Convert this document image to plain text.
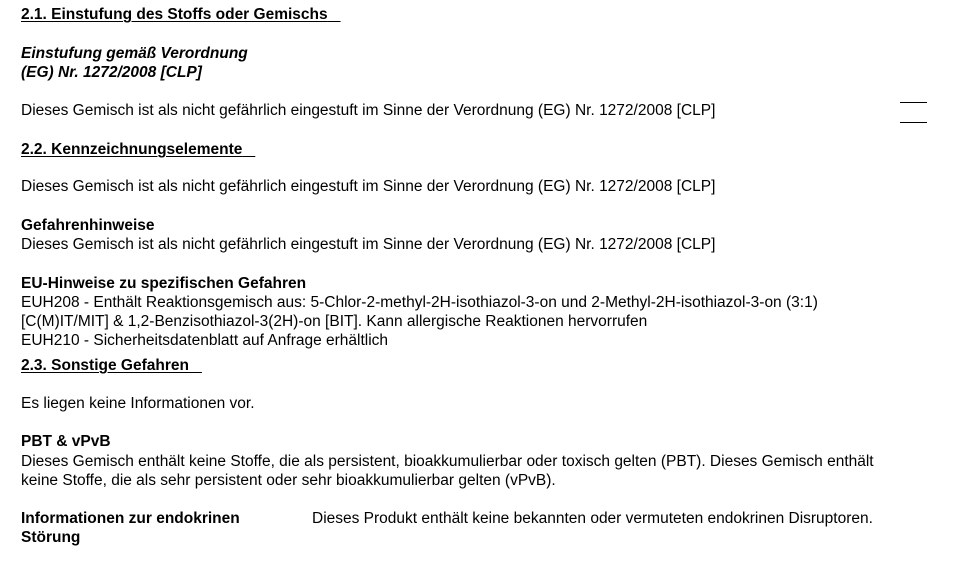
2.1. Einstufung des Stoffs oder Gemischs
Einstufung gemäß Verordnung
(EG) Nr. 1272/2008 [CLP]
Dieses Gemisch ist als nicht gefährlich eingestuft im Sinne der Verordnung (EG) Nr. 1272/2008 [CLP]
2.2. Kennzeichnungselemente
Dieses Gemisch ist als nicht gefährlich eingestuft im Sinne der Verordnung (EG) Nr. 1272/2008 [CLP]
Gefahrenhinweise
Dieses Gemisch ist als nicht gefährlich eingestuft im Sinne der Verordnung (EG) Nr. 1272/2008 [CLP]
EU-Hinweise zu spezifischen Gefahren
EUH208 - Enthält Reaktionsgemisch aus: 5-Chlor-2-methyl-2H-isothiazol-3-on und 2-Methyl-2H-isothiazol-3-on (3:1)
[C(M)IT/MIT] & 1,2-Benzisothiazol-3(2H)-on [BIT]. Kann allergische Reaktionen hervorrufen
EUH210 - Sicherheitsdatenblatt auf Anfrage erhältlich
2.3. Sonstige Gefahren
Es liegen keine Informationen vor.
PBT & vPvB
Dieses Gemisch enthält keine Stoffe, die als persistent, bioakkumulierbar oder toxisch gelten (PBT). Dieses Gemisch enthält
keine Stoffe, die als sehr persistent oder sehr bioakkumulierbar gelten (vPvB).
Informationen zur endokrinen
Störung
Dieses Produkt enthält keine bekannten oder vermuteten endokrinen Disruptoren.
